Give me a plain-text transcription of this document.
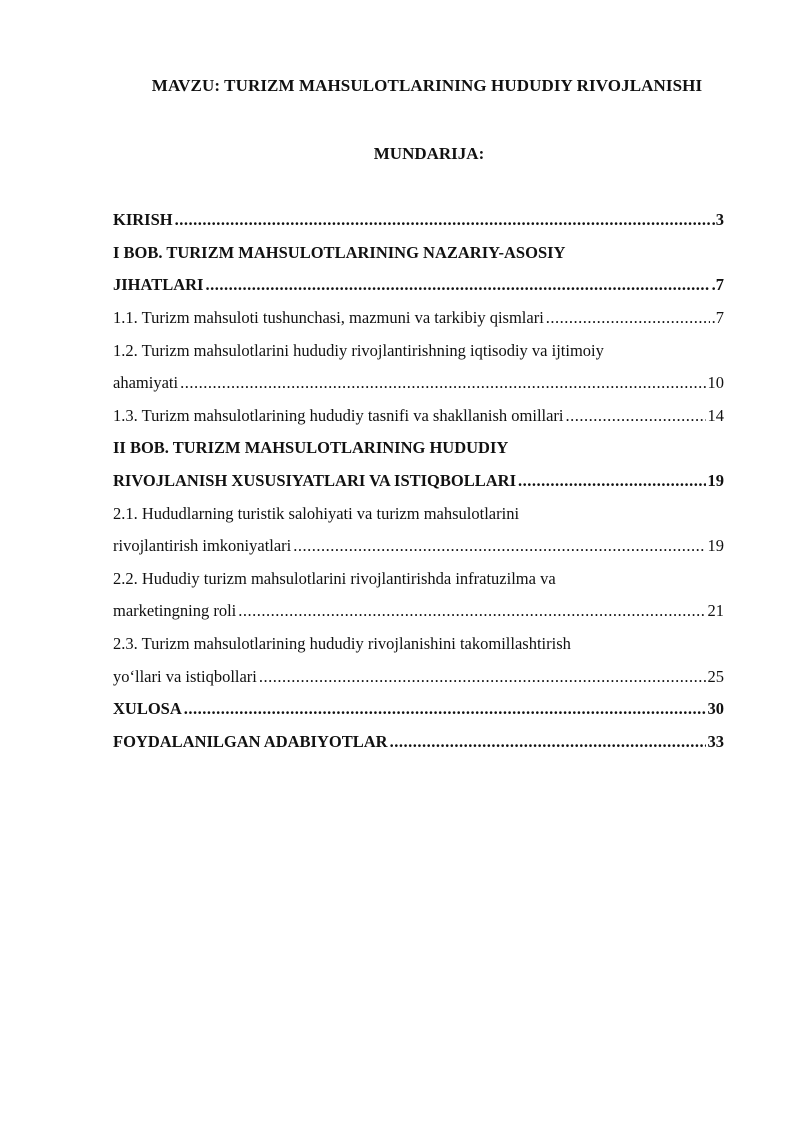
MAVZU: TURIZM MAHSULOTLARINING HUDUDIY RIVOJLANISHI
MUNDARIJA:
KIRISH .....	.3
I BOB. TURIZM MAHSULOTLARINING NAZARIY-ASOSIY
JIHATLARI .....	.7
1.1. Turizm mahsuloti tushunchasi, mazmuni va tarkibiy qismlari .....	.7
1.2. Turizm mahsulotlarini hududiy rivojlantirishning iqtisodiy va ijtimoiy
ahamiyati .....	10
1.3. Turizm mahsulotlarining hududiy tasnifi va shakllanish omillari .....	14
II BOB. TURIZM MAHSULOTLARINING HUDUDIY
RIVOJLANISH XUSUSIYATLARI VA ISTIQBOLLARI .....	19
2.1. Hududlarning turistik salohiyati va turizm mahsulotlarini
rivojlantirish imkoniyatlari .....	19
2.2. Hududiy turizm mahsulotlarini rivojlantirishda infratuzilma va
marketingning roli .....	21
2.3. Turizm mahsulotlarining hududiy rivojlanishini takomillashtirish
yo‘llari va istiqbollari .....	25
XULOSA .....	30
FOYDALANILGAN ADABIYOTLAR .....	33
